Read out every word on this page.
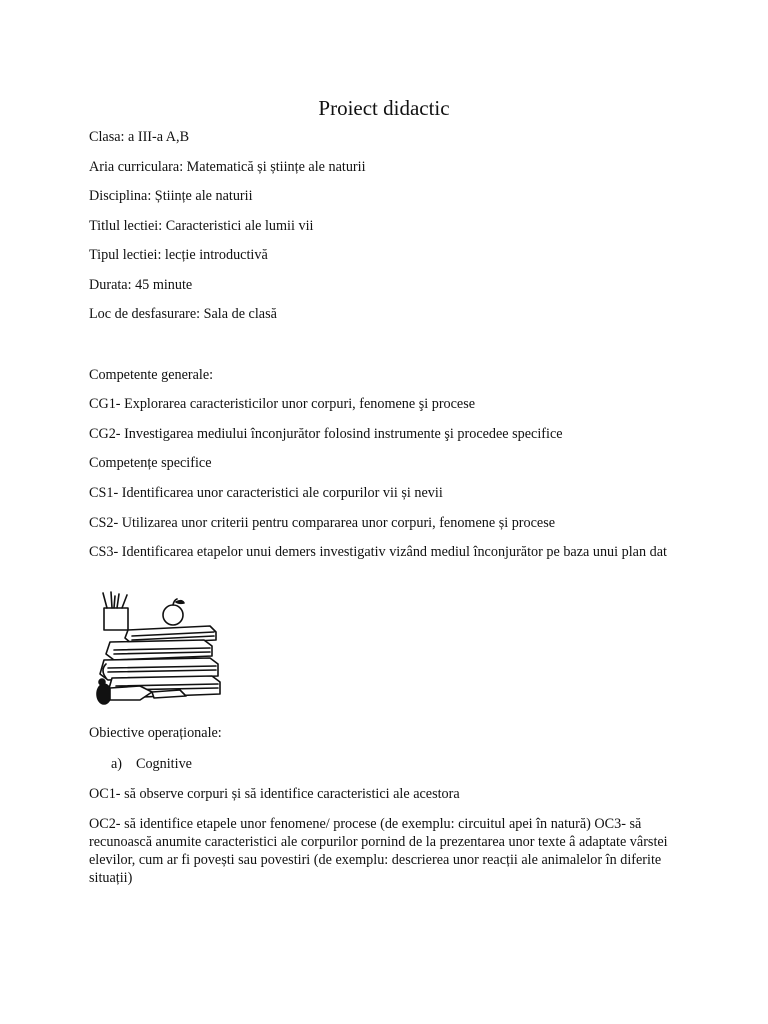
Proiect didactic
Clasa: a III-a A,B
Aria curriculara: Matematică și științe ale naturii
Disciplina: Științe ale naturii
Titlul lectiei: Caracteristici ale lumii vii
Tipul lectiei: lecție introductivă
Durata: 45 minute
Loc de desfasurare: Sala de clasă
Competente generale:
CG1- Explorarea caracteristicilor unor corpuri, fenomene şi procese
CG2- Investigarea mediului înconjurător folosind instrumente şi procedee specifice
Competențe specifice
CS1- Identificarea unor caracteristici ale corpurilor vii și nevii
CS2- Utilizarea unor criterii pentru compararea unor corpuri, fenomene și procese
CS3- Identificarea etapelor unui demers investigativ vizând mediul înconjurător pe baza unui plan dat
Obiective operaționale:
a) Cognitive
OC1- să observe corpuri și să identifice caracteristici ale acestora
OC2- să identifice etapele unor fenomene/ procese (de exemplu: circuitul apei în natură) OC3- să recunoască anumite caracteristici ale corpurilor pornind de la prezentarea unor texte â adaptate vârstei elevilor, cum ar fi povești sau povestiri (de exemplu: descrierea unor reacții ale animalelor în diferite situații)
